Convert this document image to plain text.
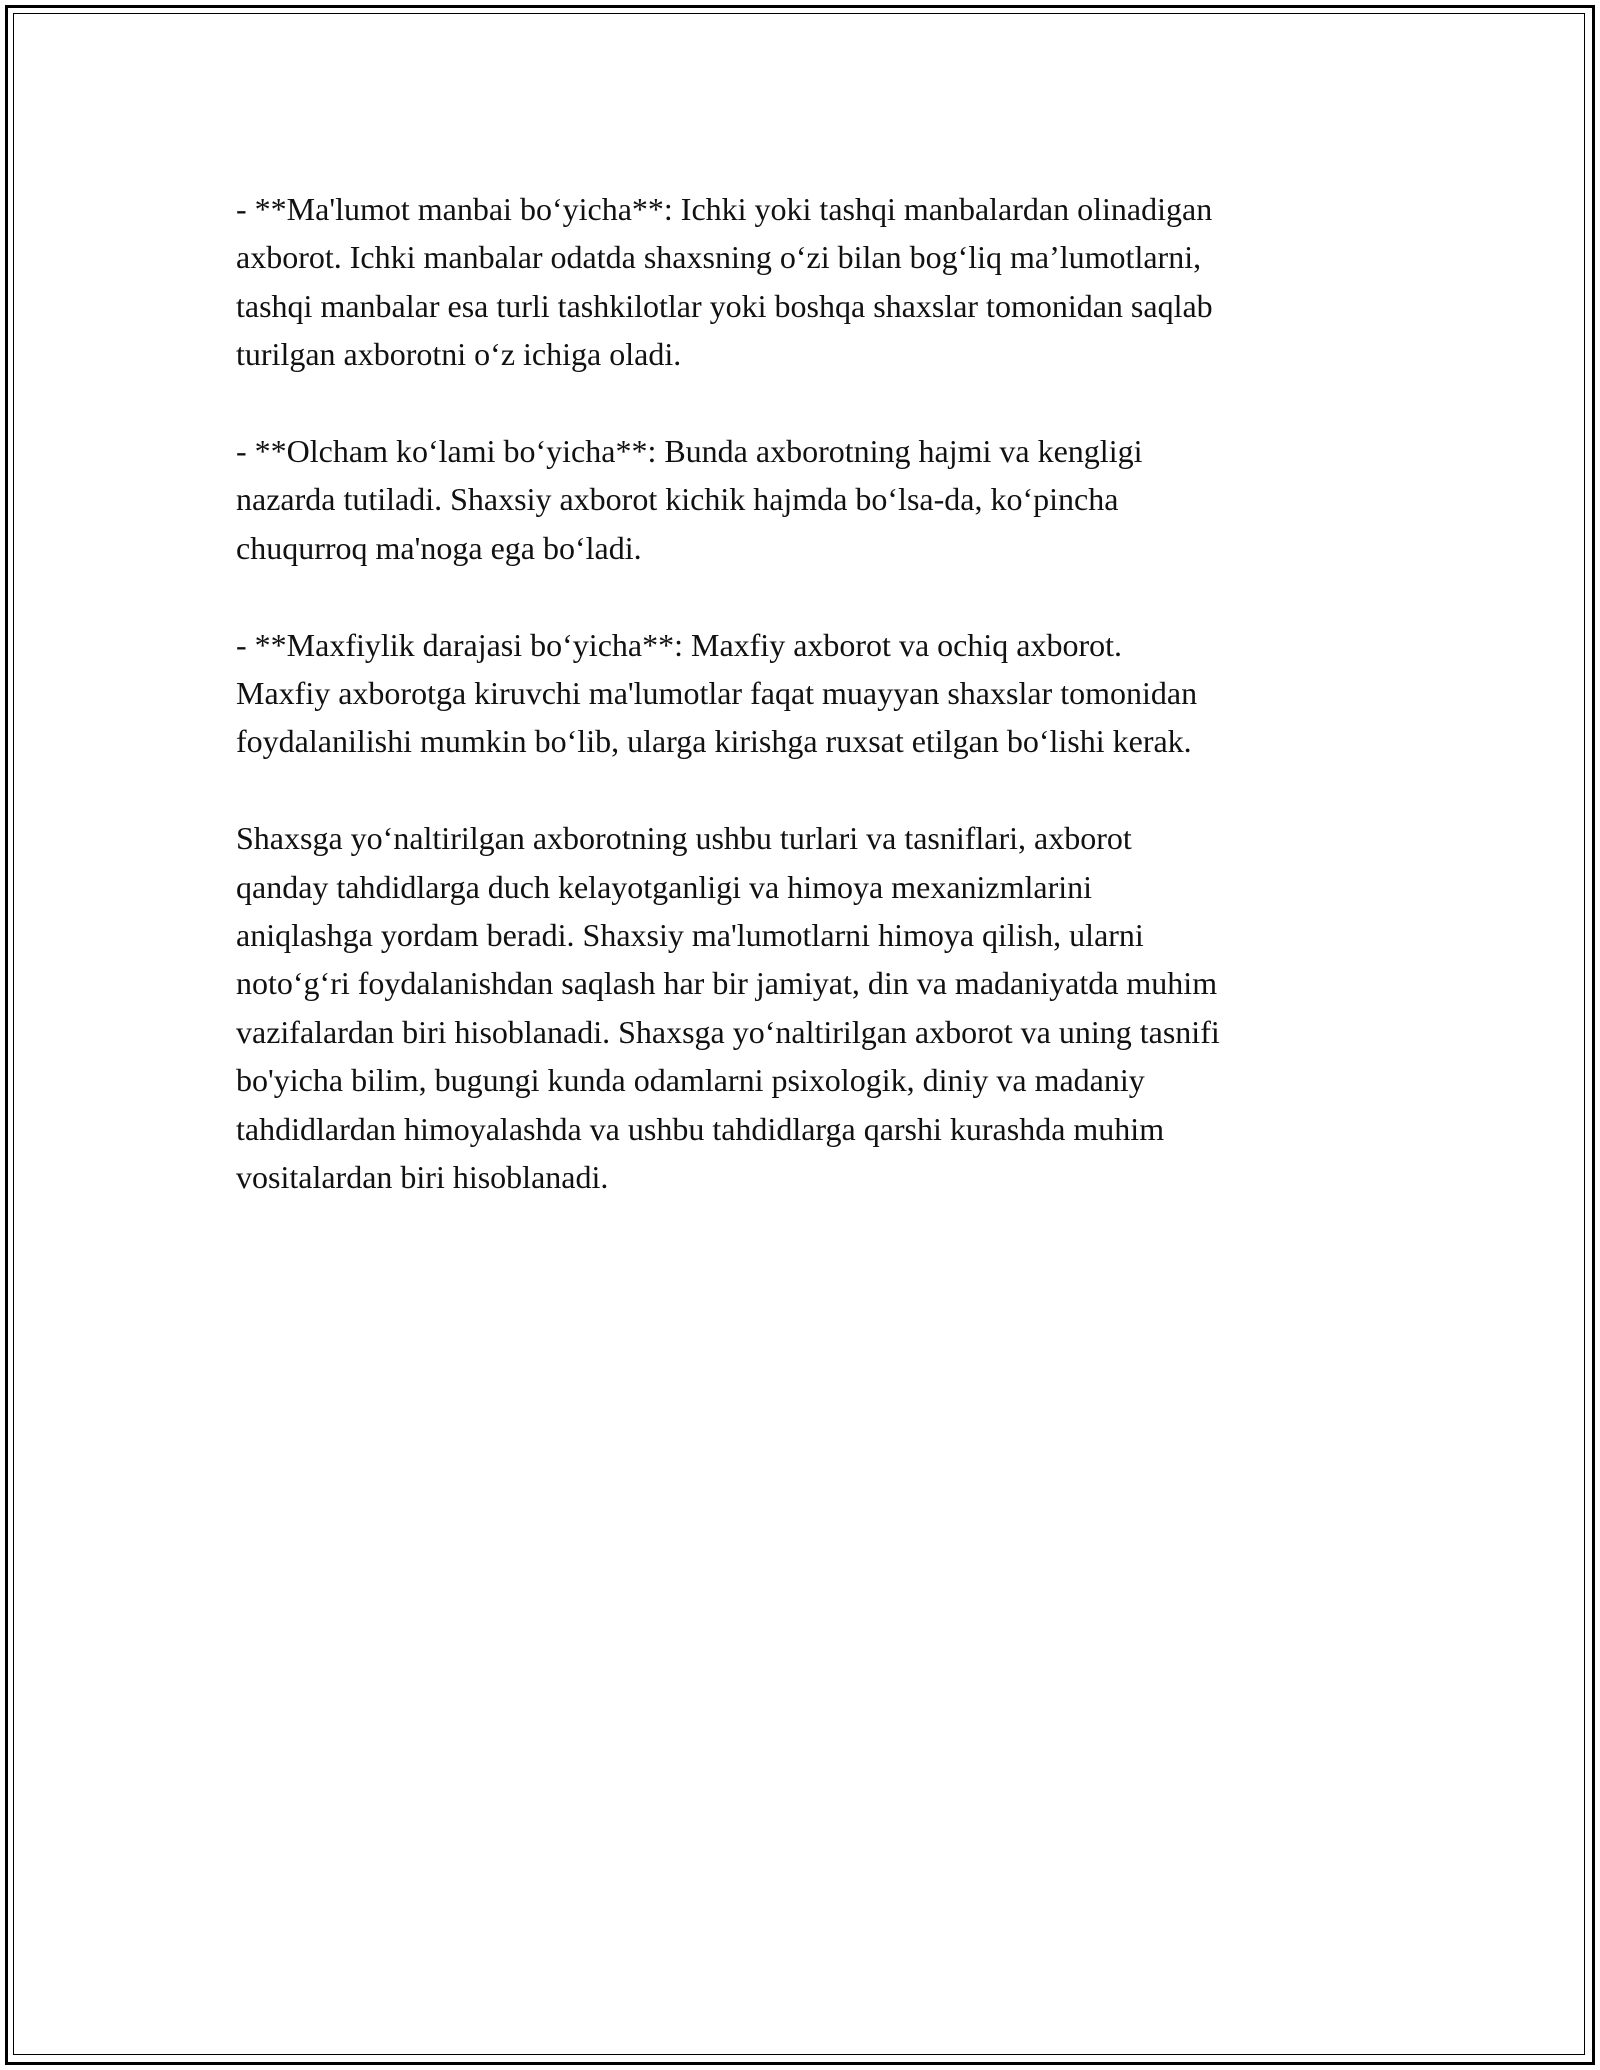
- **Ma'lumot manbai bo‘yicha**: Ichki yoki tashqi manbalardan olinadigan
axborot. Ichki manbalar odatda shaxsning o‘zi bilan bog‘liq ma’lumotlarni,
tashqi manbalar esa turli tashkilotlar yoki boshqa shaxslar tomonidan saqlab
turilgan axborotni o‘z ichiga oladi.

- **Olcham ko‘lami bo‘yicha**: Bunda axborotning hajmi va kengligi
nazarda tutiladi. Shaxsiy axborot kichik hajmda bo‘lsa-da, ko‘pincha
chuqurroq ma'noga ega bo‘ladi.

- **Maxfiylik darajasi bo‘yicha**: Maxfiy axborot va ochiq axborot.
Maxfiy axborotga kiruvchi ma'lumotlar faqat muayyan shaxslar tomonidan
foydalanilishi mumkin bo‘lib, ularga kirishga ruxsat etilgan bo‘lishi kerak.

Shaxsga yo‘naltirilgan axborotning ushbu turlari va tasniflari, axborot
qanday tahdidlarga duch kelayotganligi va himoya mexanizmlarini
aniqlashga yordam beradi. Shaxsiy ma'lumotlarni himoya qilish, ularni
noto‘g‘ri foydalanishdan saqlash har bir jamiyat, din va madaniyatda muhim
vazifalardan biri hisoblanadi. Shaxsga yo‘naltirilgan axborot va uning tasnifi
bo'yicha bilim, bugungi kunda odamlarni psixologik, diniy va madaniy
tahdidlardan himoyalashda va ushbu tahdidlarga qarshi kurashda muhim
vositalardan biri hisoblanadi.
